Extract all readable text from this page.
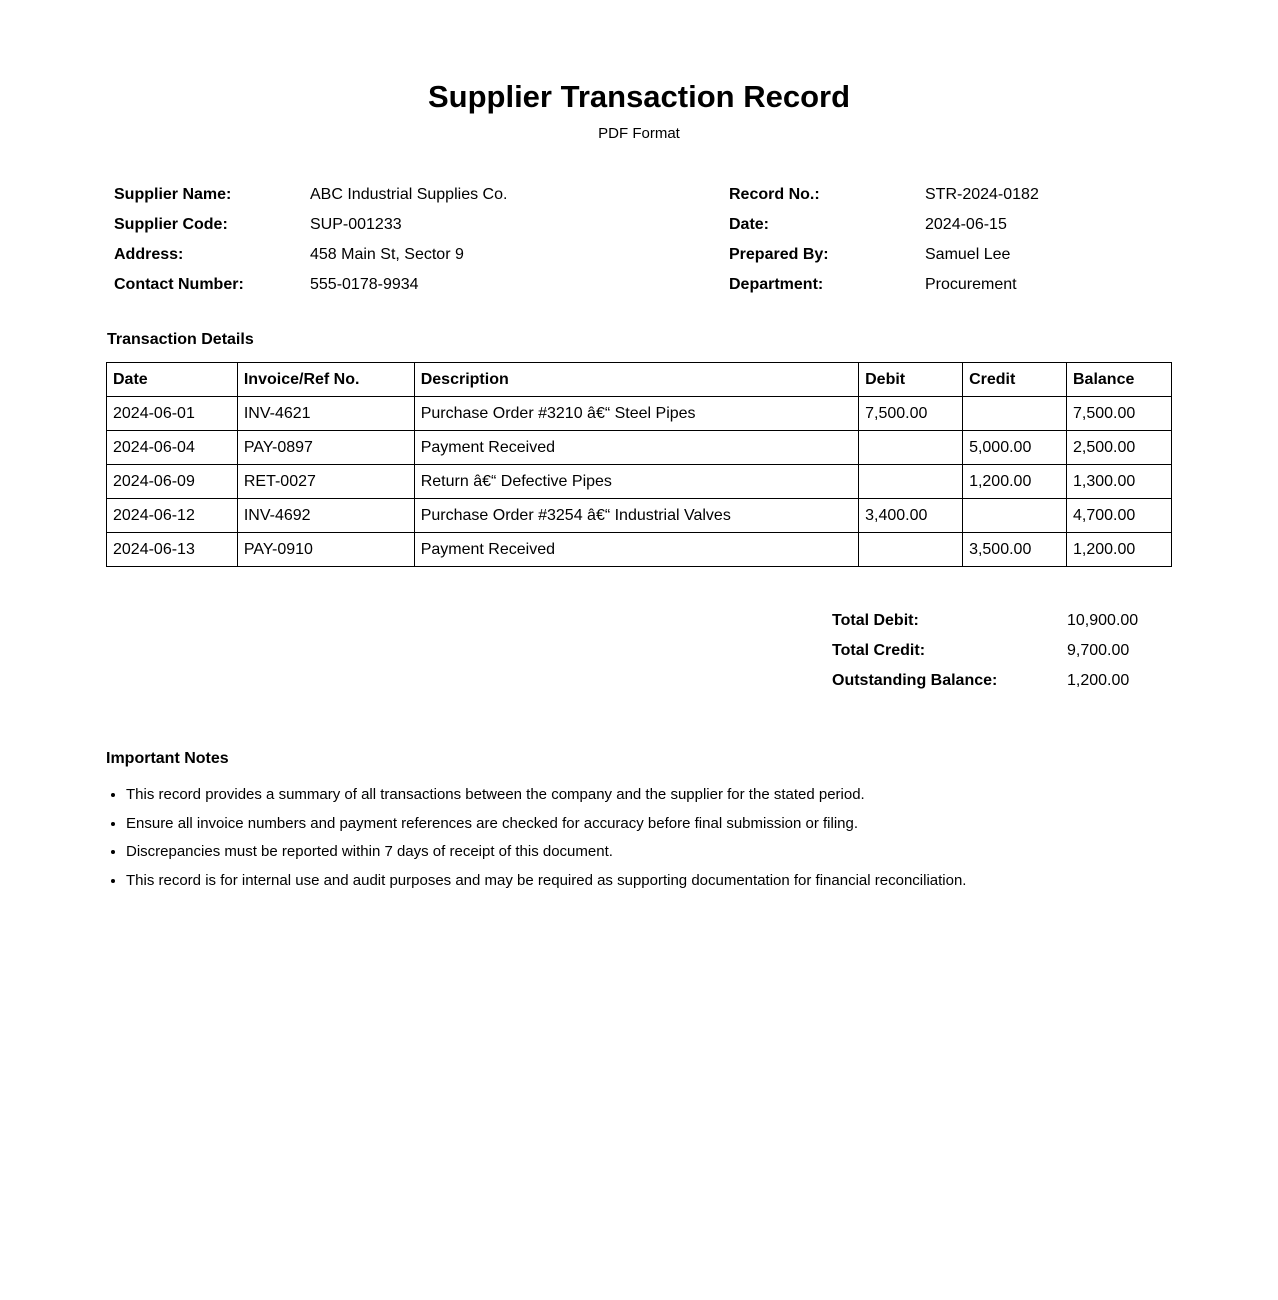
Supplier Transaction Record
PDF Format
Supplier Name:	ABC Industrial Supplies Co.
Supplier Code:	SUP-001233
Address:	458 Main St, Sector 9
Contact Number:	555-0178-9934
Record No.:	STR-2024-0182
Date:	2024-06-15
Prepared By:	Samuel Lee
Department:	Procurement
Transaction Details
Date	Invoice/Ref No.	Description	Debit	Credit	Balance
2024-06-01	INV-4621	Purchase Order #3210 â€“ Steel Pipes	7,500.00		7,500.00
2024-06-04	PAY-0897	Payment Received		5,000.00	2,500.00
2024-06-09	RET-0027	Return â€“ Defective Pipes		1,200.00	1,300.00
2024-06-12	INV-4692	Purchase Order #3254 â€“ Industrial Valves	3,400.00		4,700.00
2024-06-13	PAY-0910	Payment Received		3,500.00	1,200.00
Total Debit:	10,900.00
Total Credit:	9,700.00
Outstanding Balance:	1,200.00
Important Notes
• This record provides a summary of all transactions between the company and the supplier for the stated period.
• Ensure all invoice numbers and payment references are checked for accuracy before final submission or filing.
• Discrepancies must be reported within 7 days of receipt of this document.
• This record is for internal use and audit purposes and may be required as supporting documentation for financial reconciliation.
